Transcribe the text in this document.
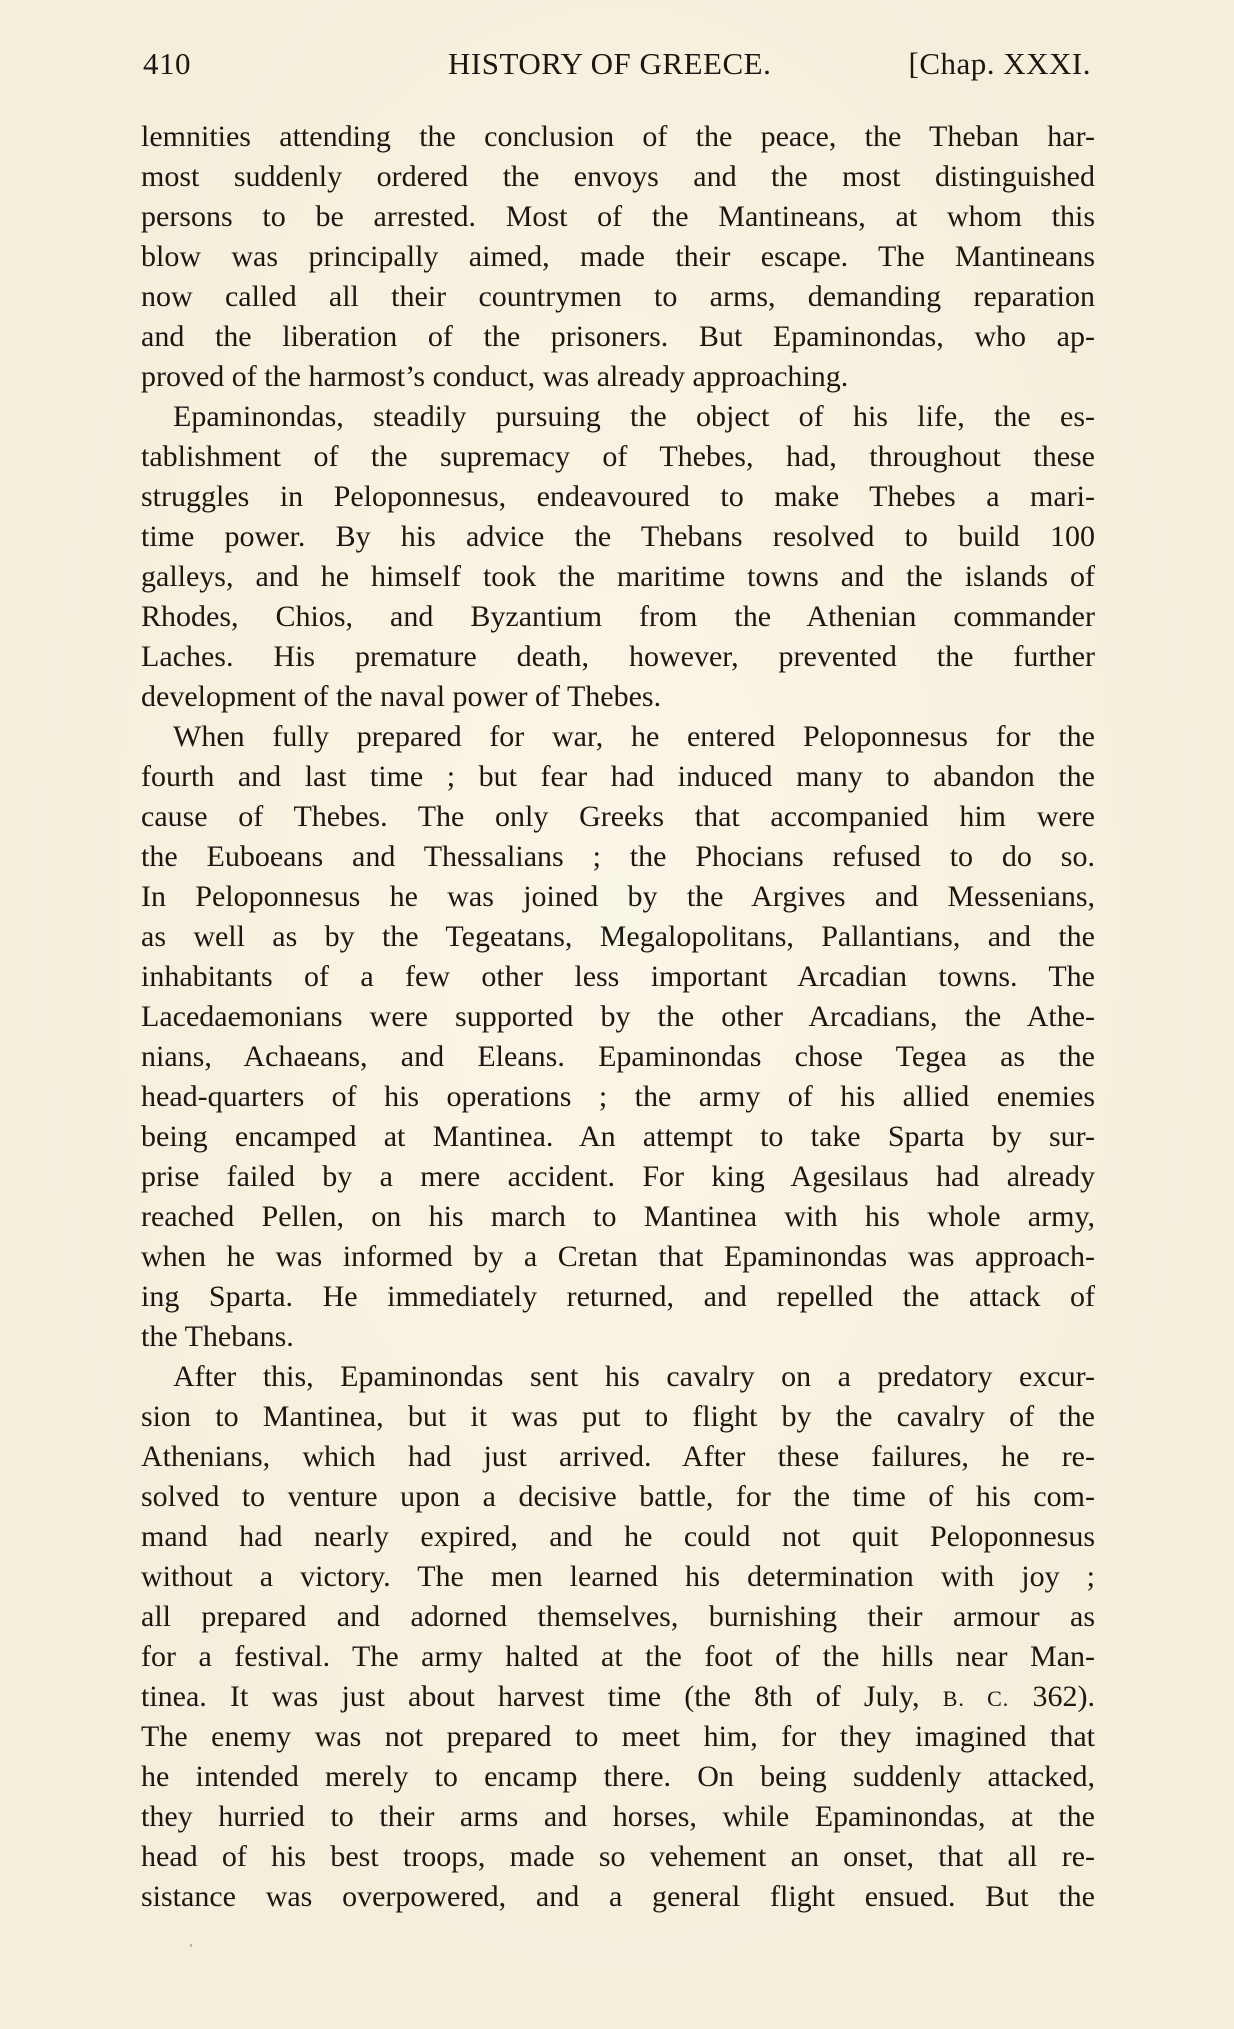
410	HISTORY OF GREECE.	[Chap. XXXI.
lemnities attending the conclusion of the peace, the Theban har-
most suddenly ordered the envoys and the most distinguished
persons to be arrested. Most of the Mantineans, at whom this
blow was principally aimed, made their escape. The Mantineans
now called all their countrymen to arms, demanding reparation
and the liberation of the prisoners. But Epaminondas, who ap-
proved of the harmost’s conduct, was already approaching.
Epaminondas, steadily pursuing the object of his life, the es-
tablishment of the supremacy of Thebes, had, throughout these
struggles in Peloponnesus, endeavoured to make Thebes a mari-
time power. By his advice the Thebans resolved to build 100
galleys, and he himself took the maritime towns and the islands of
Rhodes, Chios, and Byzantium from the Athenian commander
Laches. His premature death, however, prevented the further
development of the naval power of Thebes.
When fully prepared for war, he entered Peloponnesus for the
fourth and last time ; but fear had induced many to abandon the
cause of Thebes. The only Greeks that accompanied him were
the Euboeans and Thessalians ; the Phocians refused to do so.
In Peloponnesus he was joined by the Argives and Messenians,
as well as by the Tegeatans, Megalopolitans, Pallantians, and the
inhabitants of a few other less important Arcadian towns. The
Lacedaemonians were supported by the other Arcadians, the Athe-
nians, Achaeans, and Eleans. Epaminondas chose Tegea as the
head-quarters of his operations ; the army of his allied enemies
being encamped at Mantinea. An attempt to take Sparta by sur-
prise failed by a mere accident. For king Agesilaus had already
reached Pellen, on his march to Mantinea with his whole army,
when he was informed by a Cretan that Epaminondas was approach-
ing Sparta. He immediately returned, and repelled the attack of
the Thebans.
After this, Epaminondas sent his cavalry on a predatory excur-
sion to Mantinea, but it was put to flight by the cavalry of the
Athenians, which had just arrived. After these failures, he re-
solved to venture upon a decisive battle, for the time of his com-
mand had nearly expired, and he could not quit Peloponnesus
without a victory. The men learned his determination with joy ;
all prepared and adorned themselves, burnishing their armour as
for a festival. The army halted at the foot of the hills near Man-
tinea. It was just about harvest time (the 8th of July, B. C. 362).
The enemy was not prepared to meet him, for they imagined that
he intended merely to encamp there. On being suddenly attacked,
they hurried to their arms and horses, while Epaminondas, at the
head of his best troops, made so vehement an onset, that all re-
sistance was overpowered, and a general flight ensued. But the
